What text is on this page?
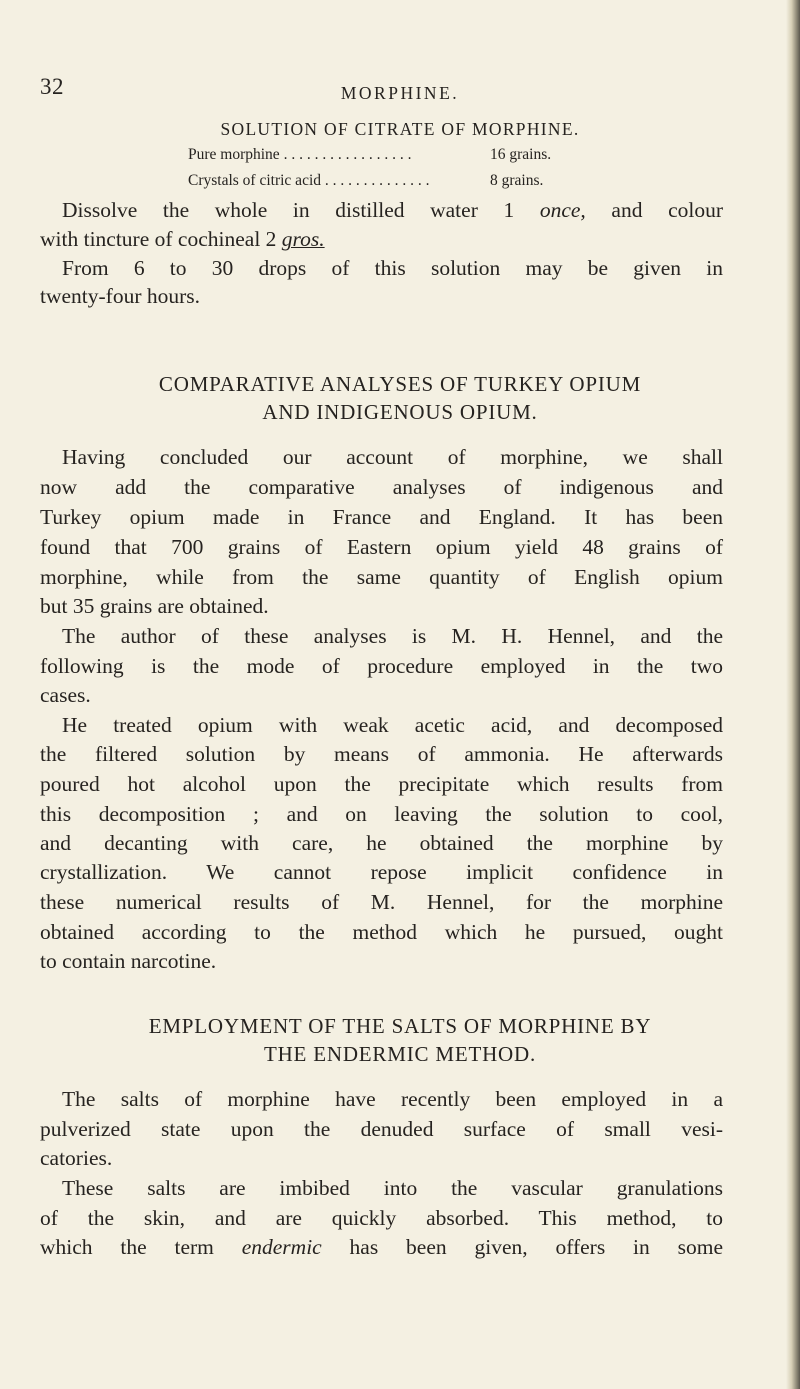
32	MORPHINE.
SOLUTION OF CITRATE OF MORPHINE.
Pure morphine . . . . . . . . . . . . . . . . .	16 grains.
Crystals of citric acid . . . . . . . . . . . . . .	8 grains.
Dissolve the whole in distilled water 1 once, and colour
with tincture of cochineal 2 gros.
From 6 to 30 drops of this solution may be given in
twenty-four hours.
COMPARATIVE ANALYSES OF TURKEY OPIUM
AND INDIGENOUS OPIUM.
Having concluded our account of morphine, we shall
now add the comparative analyses of indigenous and
Turkey opium made in France and England. It has been
found that 700 grains of Eastern opium yield 48 grains of
morphine, while from the same quantity of English opium
but 35 grains are obtained.
The author of these analyses is M. H. Hennel, and the
following is the mode of procedure employed in the two
cases.
He treated opium with weak acetic acid, and decomposed
the filtered solution by means of ammonia. He afterwards
poured hot alcohol upon the precipitate which results from
this decomposition ; and on leaving the solution to cool,
and decanting with care, he obtained the morphine by
crystallization. We cannot repose implicit confidence in
these numerical results of M. Hennel, for the morphine
obtained according to the method which he pursued, ought
to contain narcotine.
EMPLOYMENT OF THE SALTS OF MORPHINE BY
THE ENDERMIC METHOD.
The salts of morphine have recently been employed in a
pulverized state upon the denuded surface of small vesi-
catories.
These salts are imbibed into the vascular granulations
of the skin, and are quickly absorbed. This method, to
which the term endermic has been given, offers in some
